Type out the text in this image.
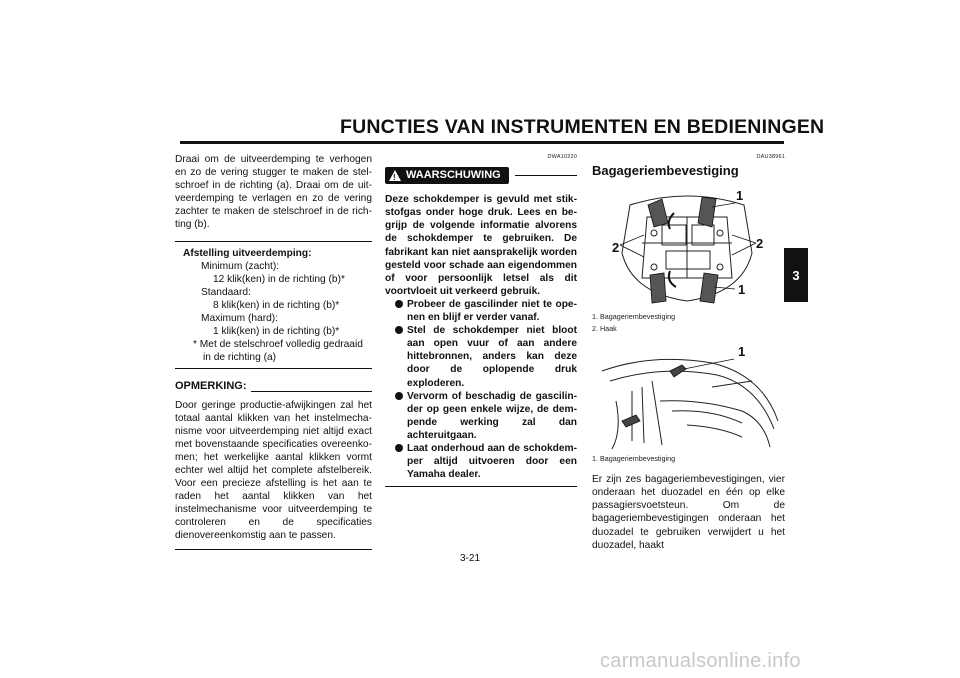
FUNCTIES VAN INSTRUMENTEN EN BEDIENINGEN
3

Draai om de uitveerdemping te verhogen en zo de vering stugger te maken de stelschroef in de richting (a). Draai om de uitveerdemping te verlagen en zo de vering zachter te maken de stelschroef in de richting (b).

Afstelling uitveerdemping:
Minimum (zacht):
12 klik(ken) in de richting (b)*
Standaard:
8 klik(ken) in de richting (b)*
Maximum (hard):
1 klik(ken) in de richting (b)*
* Met de stelschroef volledig gedraaid
in de richting (a)
OPMERKING:

Door geringe productie-afwijkingen zal het totaal aantal klikken van het instelmechanisme voor uitveerdemping niet altijd exact met bovenstaande specificaties overeenkomen; het werkelijke aantal klikken vormt echter wel altijd het complete afstelbereik. Voor een precieze afstelling is het aan te raden het aantal klikken van het instelmechanisme voor uitveerdemping te controleren en de specificaties dienovereenkomstig aan te passen.

DWA10220
! WAARSCHUWING
Deze schokdemper is gevuld met stikstofgas onder hoge druk. Lees en begrijp de volgende informatie alvorens de schokdemper te gebruiken. De fabrikant kan niet aansprakelijk worden gesteld voor schade aan eigendommen of voor persoonlijk letsel als dit voortvloeit uit verkeerd gebruik.
Probeer de gascilinder niet te openen en blijf er verder vanaf.
Stel de schokdemper niet bloot aan open vuur of aan andere hittebronnen, anders kan deze door de oplopende druk exploderen.
Vervorm of beschadig de gascilinder op geen enkele wijze, de dempende werking zal dan achteruitgaan.
Laat onderhoud aan de schokdemper altijd uitvoeren door een Yamaha dealer.
DAU38961
Bagageriembevestiging
1
2	2
1
1. Bagageriembevestiging
2. Haak
1
1. Bagageriembevestiging

Er zijn zes bagageriembevestigingen, vier onderaan het duozadel en één op elke passagiersvoetsteun. Om de bagageriembevestigingen onderaan het duozadel te gebruiken verwijdert u het duozadel, haakt

3-21
carmanualsonline.info
